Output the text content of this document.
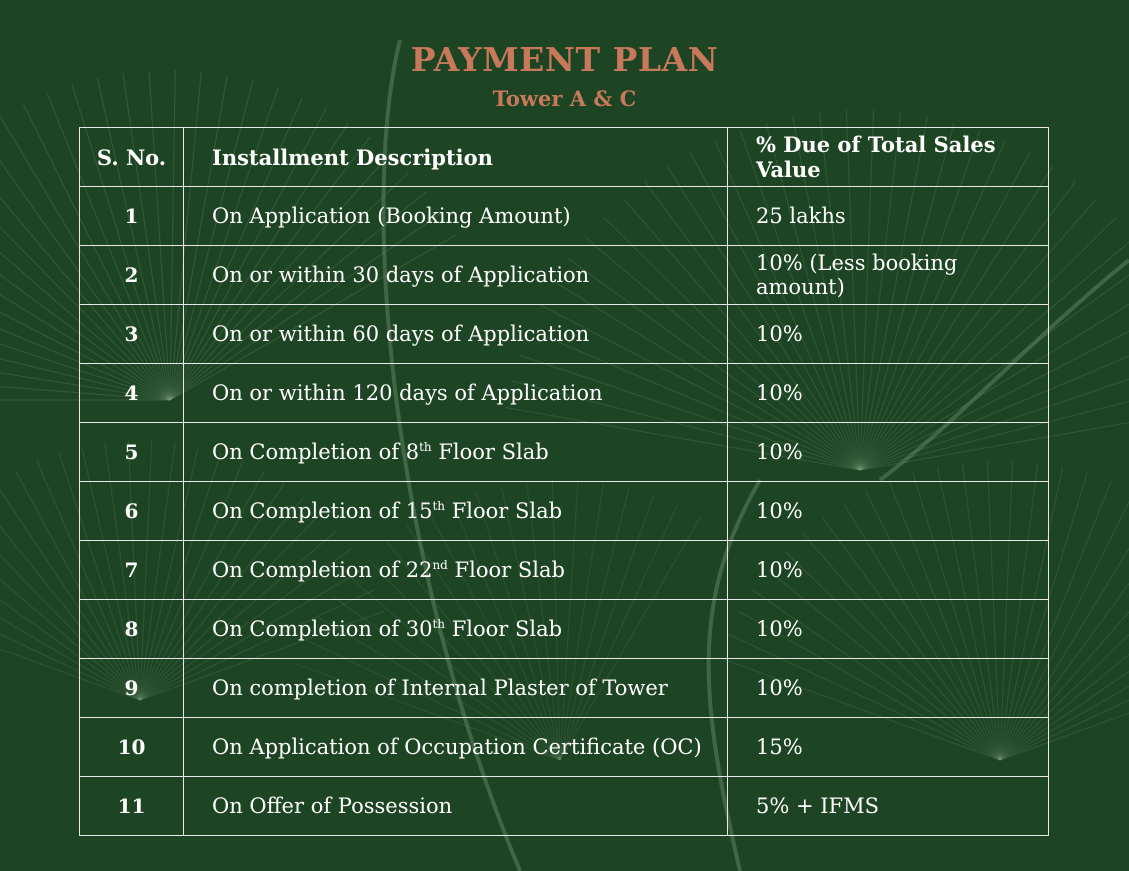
PAYMENT PLAN
Tower A & C
S. No.	Installment Description	% Due of Total Sales Value
1	On Application (Booking Amount)	25 lakhs
2	On or within 30 days of Application	10% (Less booking amount)
3	On or within 60 days of Application	10%
4	On or within 120 days of Application	10%
5	On Completion of 8th Floor Slab	10%
6	On Completion of 15th Floor Slab	10%
7	On Completion of 22nd Floor Slab	10%
8	On Completion of 30th Floor Slab	10%
9	On completion of Internal Plaster of Tower	10%
10	On Application of Occupation Certificate (OC)	15%
11	On Offer of Possession	5% + IFMS
